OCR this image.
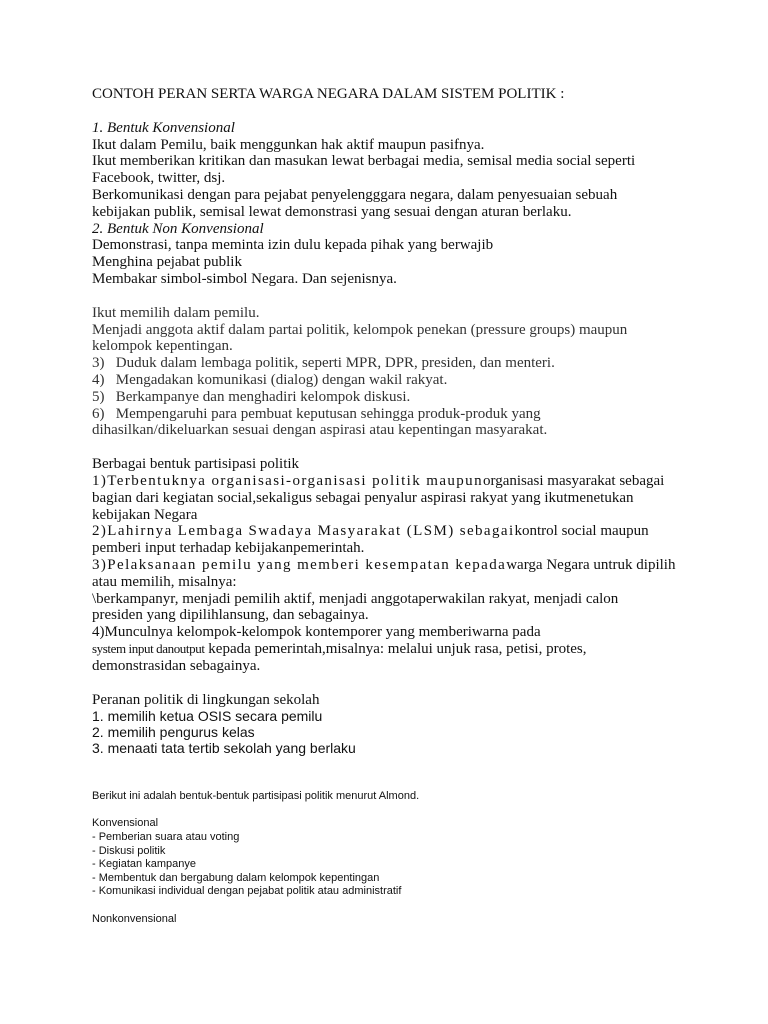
CONTOH PERAN SERTA WARGA NEGARA DALAM SISTEM POLITIK :

1. Bentuk Konvensional

Ikut dalam Pemilu, baik menggunkan hak aktif maupun pasifnya.

Ikut memberikan kritikan dan masukan lewat berbagai media, semisal media social seperti

Facebook, twitter, dsj.

Berkomunikasi dengan para pejabat penyelengggara negara, dalam penyesuaian sebuah

kebijakan publik, semisal lewat demonstrasi yang sesuai dengan aturan berlaku.

2. Bentuk Non Konvensional

Demonstrasi, tanpa meminta izin dulu kepada pihak yang berwajib

Menghina pejabat publik

Membakar simbol-simbol Negara. Dan sejenisnya.

Ikut memilih dalam pemilu.

Menjadi anggota aktif dalam partai politik, kelompok penekan (pressure groups) maupun

kelompok kepentingan.

3)   Duduk dalam lembaga politik, seperti MPR, DPR, presiden, dan menteri.

4)   Mengadakan komunikasi (dialog) dengan wakil rakyat.

5)   Berkampanye dan menghadiri kelompok diskusi.

6)   Mempengaruhi para pembuat keputusan sehingga produk-produk yang

dihasilkan/dikeluarkan sesuai dengan aspirasi atau kepentingan masyarakat.

Berbagai bentuk partisipasi politik

1)Terbentuknya organisasi-organisasi politik maupunorganisasi masyarakat sebagai

bagian dari kegiatan social,sekaligus sebagai penyalur aspirasi rakyat yang ikutmenetukan

kebijakan Negara

2)Lahirnya Lembaga Swadaya Masyarakat (LSM) sebagaikontrol social maupun

pemberi input terhadap kebijakanpemerintah.

3)Pelaksanaan pemilu yang memberi kesempatan kepadawarga Negara untruk dipilih

atau memilih, misalnya:

\berkampanyr, menjadi pemilih aktif, menjadi anggotaperwakilan rakyat, menjadi calon

presiden yang dipilihlansung, dan sebagainya.

4)Munculnya kelompok-kelompok kontemporer yang memberiwarna pada

system input danoutput kepada pemerintah,misalnya: melalui unjuk rasa, petisi, protes,

demonstrasidan sebagainya.

Peranan politik di lingkungan sekolah

1. memilih ketua OSIS secara pemilu

2. memilih pengurus kelas

3. menaati tata tertib sekolah yang berlaku

Berikut ini adalah bentuk-bentuk partisipasi politik menurut Almond.

Konvensional

- Pemberian suara atau voting

- Diskusi politik

- Kegiatan kampanye

- Membentuk dan bergabung dalam kelompok kepentingan

- Komunikasi individual dengan pejabat politik atau administratif

Nonkonvensional
